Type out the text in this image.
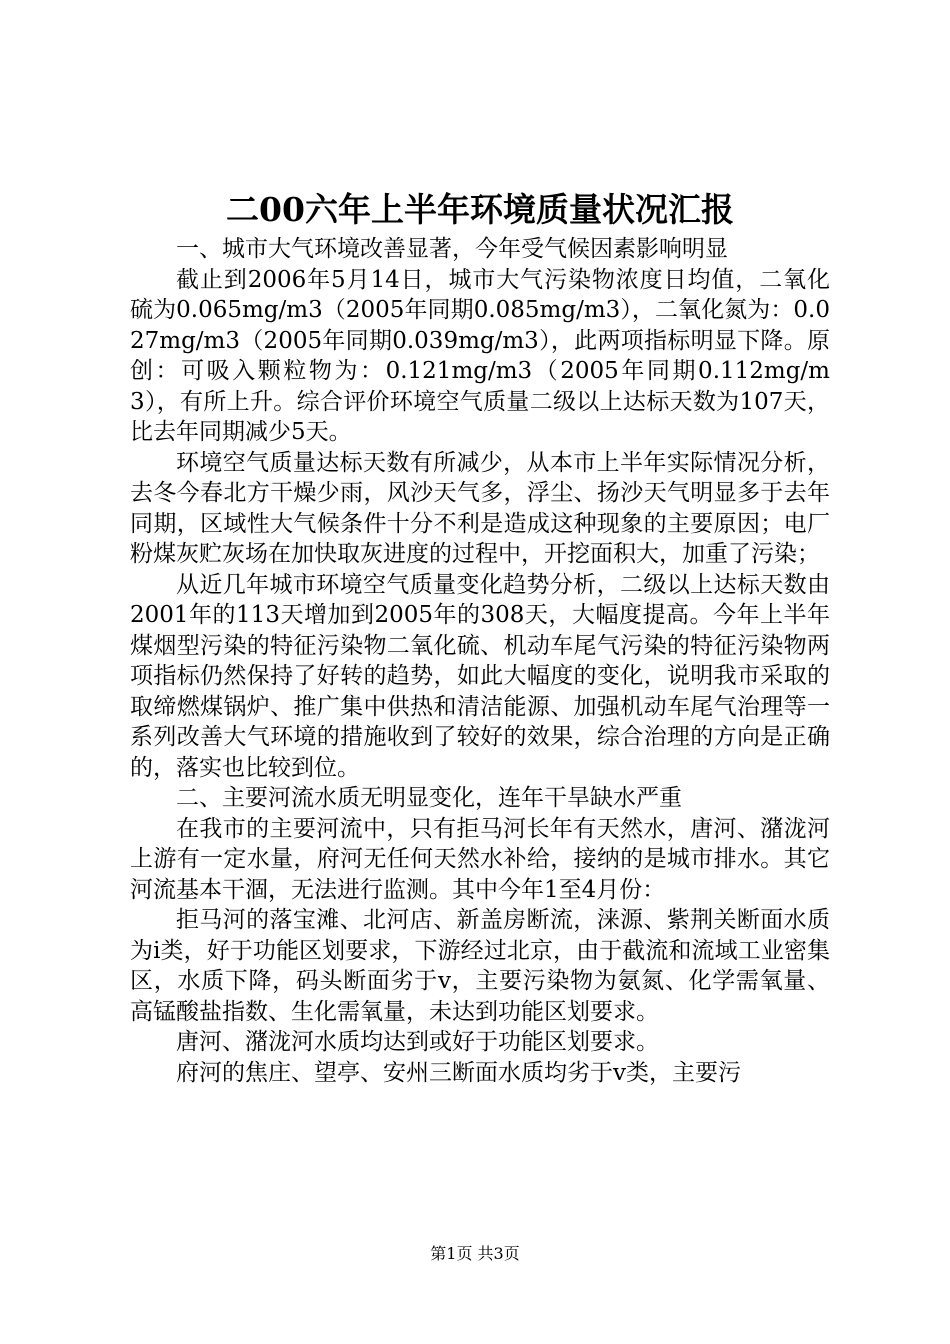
二00六年上半年环境质量状况汇报

一、城市大气环境改善显著，今年受气候因素影响明显

截止到2006年5月14日，城市大气污染物浓度日均值，二氧化硫为0.065mg/m3（2005年同期0.085mg/m3），二氧化氮为：0.027mg/m3（2005年同期0.039mg/m3），此两项指标明显下降。原创：可吸入颗粒物为：0.121mg/m3（2005年同期0.112mg/m3），有所上升。综合评价环境空气质量二级以上达标天数为107天，比去年同期减少5天。

环境空气质量达标天数有所减少，从本市上半年实际情况分析，去冬今春北方干燥少雨，风沙天气多，浮尘、扬沙天气明显多于去年同期，区域性大气候条件十分不利是造成这种现象的主要原因；电厂粉煤灰贮灰场在加快取灰进度的过程中，开挖面积大，加重了污染；

从近几年城市环境空气质量变化趋势分析，二级以上达标天数由2001年的113天增加到2005年的308天，大幅度提高。今年上半年煤烟型污染的特征污染物二氧化硫、机动车尾气污染的特征污染物两项指标仍然保持了好转的趋势，如此大幅度的变化，说明我市采取的取缔燃煤锅炉、推广集中供热和清洁能源、加强机动车尾气治理等一系列改善大气环境的措施收到了较好的效果，综合治理的方向是正确的，落实也比较到位。

二、主要河流水质无明显变化，连年干旱缺水严重

在我市的主要河流中，只有拒马河长年有天然水，唐河、潴泷河上游有一定水量，府河无任何天然水补给，接纳的是城市排水。其它河流基本干涸，无法进行监测。其中今年1至4月份：

拒马河的落宝滩、北河店、新盖房断流，涞源、紫荆关断面水质为ⅰ类，好于功能区划要求，下游经过北京，由于截流和流域工业密集区，水质下降，码头断面劣于ⅴ，主要污染物为氨氮、化学需氧量、高锰酸盐指数、生化需氧量，未达到功能区划要求。

唐河、潴泷河水质均达到或好于功能区划要求。

府河的焦庄、望亭、安州三断面水质均劣于ⅴ类，主要污

第1页 共3页
